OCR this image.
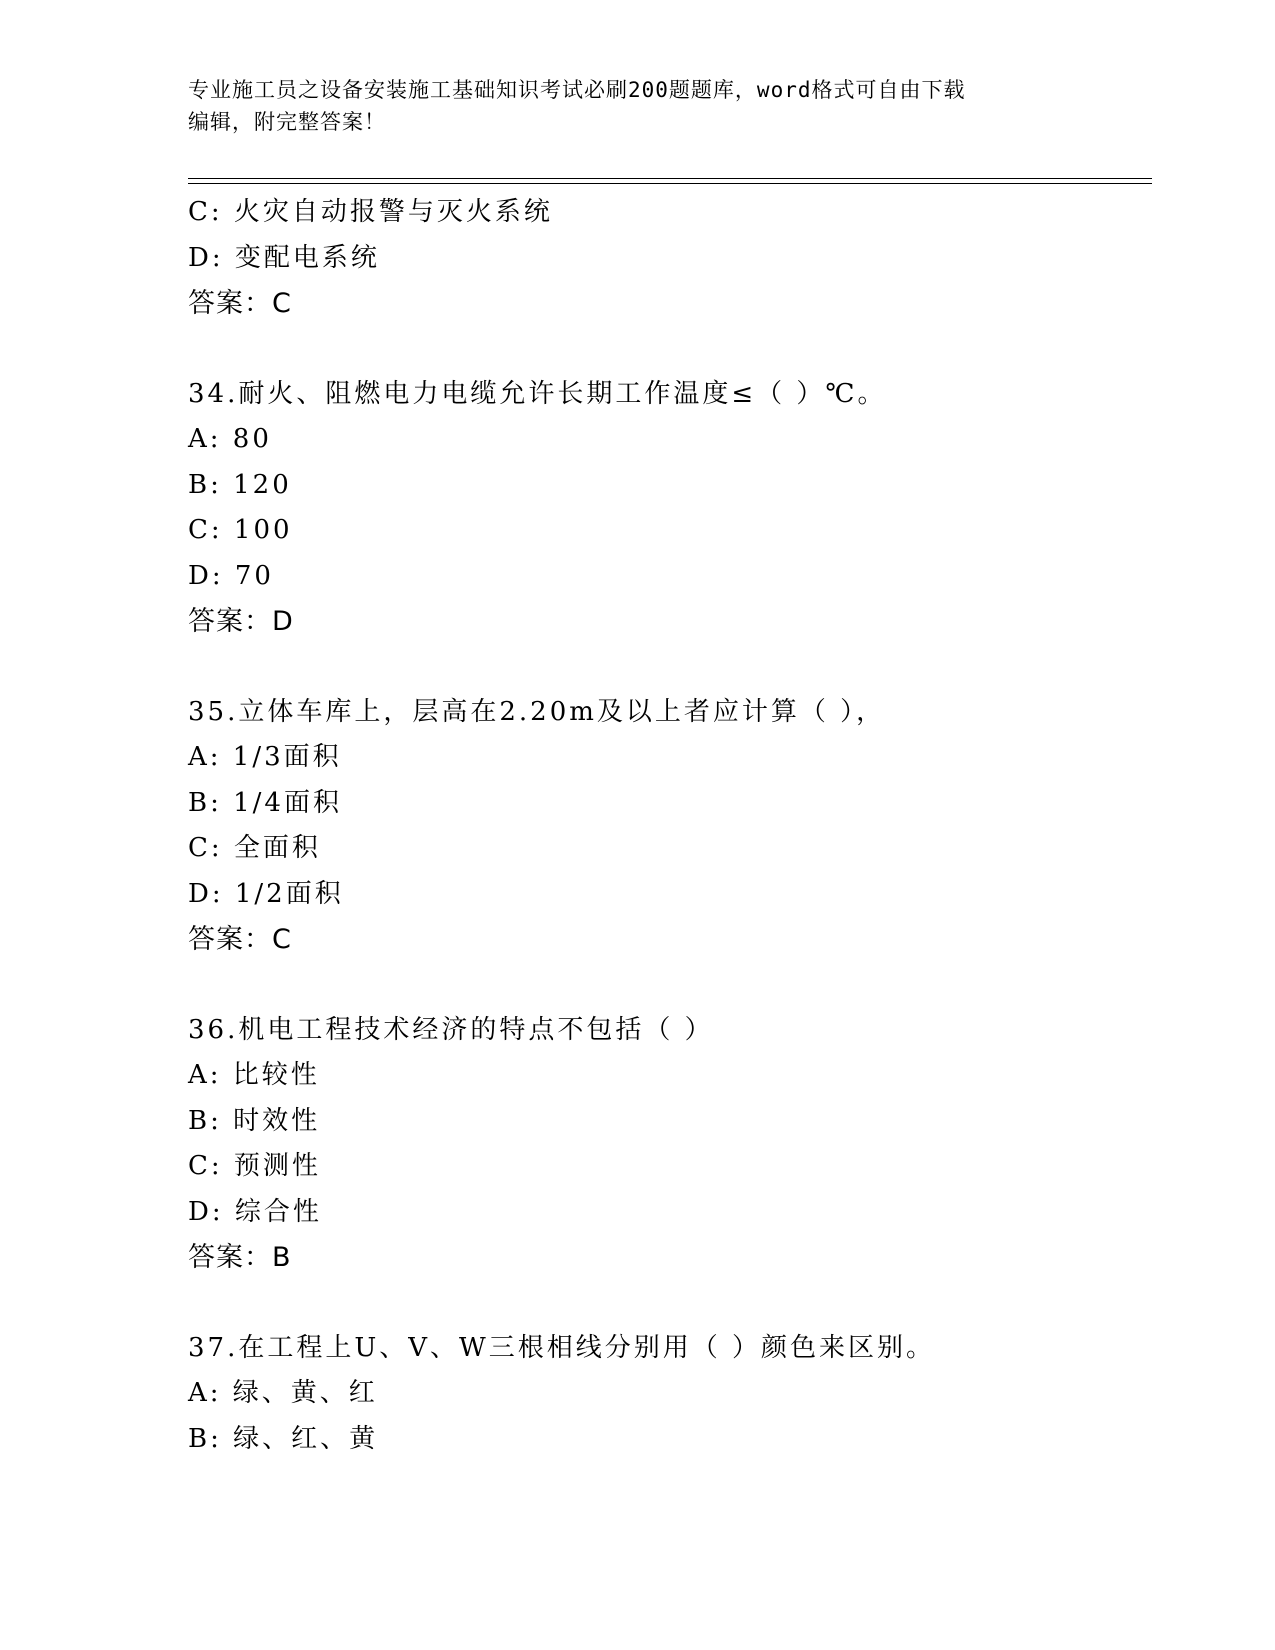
专业施工员之设备安装施工基础知识考试必刷200题题库，word格式可自由下载
编辑，附完整答案！
C: 火灾自动报警与灭火系统
D: 变配电系统
答案：C
34.耐火、阻燃电力电缆允许长期工作温度≤（ ）℃。
A: 80
B: 120
C: 100
D: 70
答案：D
35.立体车库上，层高在2.20m及以上者应计算（ ），
A: 1/3面积
B: 1/4面积
C: 全面积
D: 1/2面积
答案：C
36.机电工程技术经济的特点不包括（ ）
A: 比较性
B: 时效性
C: 预测性
D: 综合性
答案：B
37.在工程上U、V、W三根相线分别用（ ）颜色来区别。
A: 绿、黄、红
B: 绿、红、黄
